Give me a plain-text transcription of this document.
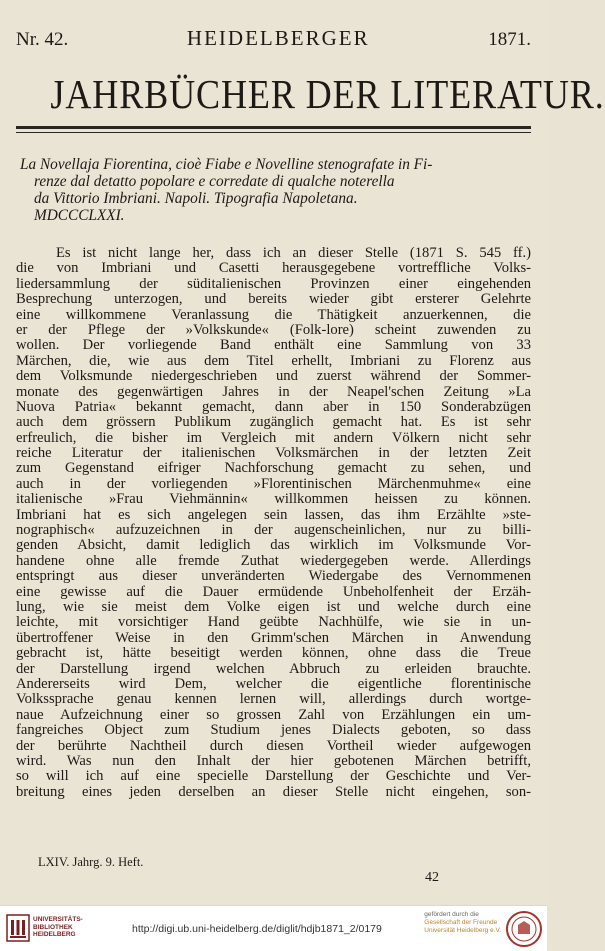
Nr. 42.	HEIDELBERGER	1871.
JAHRBÜCHER DER LITERATUR.
La Novellaja Fiorentina, cioè Fiabe e Novelline stenografate in Fi-
renze dal detatto popolare e corredate di qualche noterella
da Vittorio Imbriani. Napoli. Tipografia Napoletana.
MDCCCLXXI.
Es ist nicht lange her, dass ich an dieser Stelle (1871 S. 545 ff.)
die von Imbriani und Casetti herausgegebene vortreffliche Volks-
liedersammlung der süditalienischen Provinzen einer eingehenden
Besprechung unterzogen, und bereits wieder gibt ersterer Gelehrte
eine willkommene Veranlassung die Thätigkeit anzuerkennen, die
er der Pflege der »Volkskunde« (Folk-lore) scheint zuwenden zu
wollen. Der vorliegende Band enthält eine Sammlung von 33
Märchen, die, wie aus dem Titel erhellt, Imbriani zu Florenz aus
dem Volksmunde niedergeschrieben und zuerst während der Sommer-
monate des gegenwärtigen Jahres in der Neapel'schen Zeitung »La
Nuova Patria« bekannt gemacht, dann aber in 150 Sonderabzügen
auch dem grössern Publikum zugänglich gemacht hat. Es ist sehr
erfreulich, die bisher im Vergleich mit andern Völkern nicht sehr
reiche Literatur der italienischen Volksmärchen in der letzten Zeit
zum Gegenstand eifriger Nachforschung gemacht zu sehen, und
auch in der vorliegenden »Florentinischen Märchenmuhme« eine
italienische »Frau Viehmännin« willkommen heissen zu können.
Imbriani hat es sich angelegen sein lassen, das ihm Erzählte »ste-
nographisch« aufzuzeichnen in der augenscheinlichen, nur zu billi-
genden Absicht, damit lediglich das wirklich im Volksmunde Vor-
handene ohne alle fremde Zuthat wiedergegeben werde. Allerdings
entspringt aus dieser unveränderten Wiedergabe des Vernommenen
eine gewisse auf die Dauer ermüdende Unbeholfenheit der Erzäh-
lung, wie sie meist dem Volke eigen ist und welche durch eine
leichte, mit vorsichtiger Hand geübte Nachhülfe, wie sie in un-
übertroffener Weise in den Grimm'schen Märchen in Anwendung
gebracht ist, hätte beseitigt werden können, ohne dass die Treue
der Darstellung irgend welchen Abbruch zu erleiden brauchte.
Andererseits wird Dem, welcher die eigentliche florentinische
Volkssprache genau kennen lernen will, allerdings durch wortge-
naue Aufzeichnung einer so grossen Zahl von Erzählungen ein um-
fangreiches Object zum Studium jenes Dialects geboten, so dass
der berührte Nachtheil durch diesen Vortheil wieder aufgewogen
wird. Was nun den Inhalt der hier gebotenen Märchen betrifft,
so will ich auf eine specielle Darstellung der Geschichte und Ver-
breitung eines jeden derselben an dieser Stelle nicht eingehen, son-
LXIV. Jahrg. 9. Heft.
42
UNIVERSITÄTS-
BIBLIOTHEK
HEIDELBERG	http://digi.ub.uni-heidelberg.de/diglit/hdjb1871_2/0179
gefördert durch die
Gesellschaft der Freunde
Universität Heidelberg e.V.
